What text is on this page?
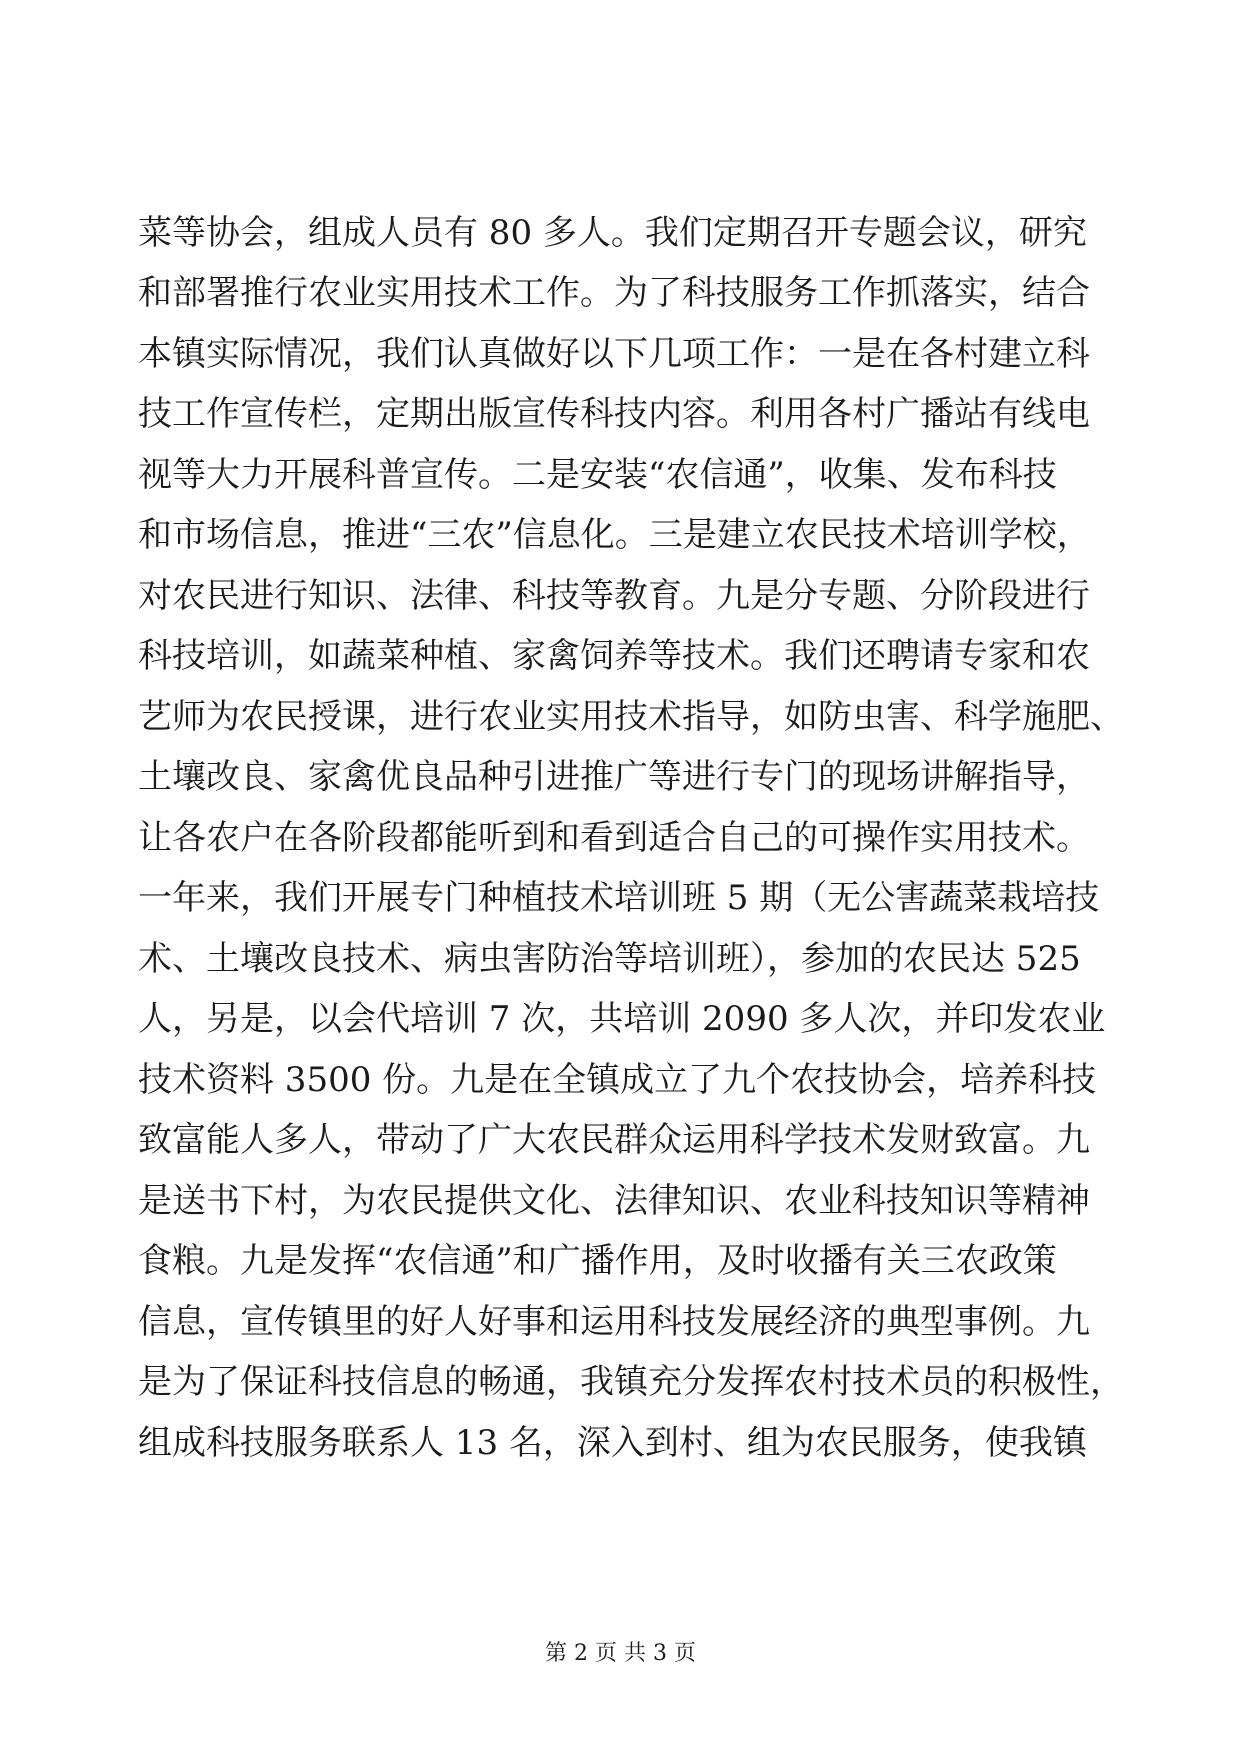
菜等协会，组成人员有 80 多人。我们定期召开专题会议，研究
和部署推行农业实用技术工作。为了科技服务工作抓落实，结合
本镇实际情况，我们认真做好以下几项工作：一是在各村建立科
技工作宣传栏，定期出版宣传科技内容。利用各村广播站有线电
视等大力开展科普宣传。二是安装“农信通”，收集、发布科技
和市场信息，推进“三农”信息化。三是建立农民技术培训学校，
对农民进行知识、法律、科技等教育。九是分专题、分阶段进行
科技培训，如蔬菜种植、家禽饲养等技术。我们还聘请专家和农
艺师为农民授课，进行农业实用技术指导，如防虫害、科学施肥、
土壤改良、家禽优良品种引进推广等进行专门的现场讲解指导，
让各农户在各阶段都能听到和看到适合自己的可操作实用技术。
一年来，我们开展专门种植技术培训班 5 期（无公害蔬菜栽培技
术、土壤改良技术、病虫害防治等培训班），参加的农民达 525
人，另是，以会代培训 7 次，共培训 2090 多人次，并印发农业
技术资料 3500 份。九是在全镇成立了九个农技协会，培养科技
致富能人多人，带动了广大农民群众运用科学技术发财致富。九
是送书下村，为农民提供文化、法律知识、农业科技知识等精神
食粮。九是发挥“农信通”和广播作用，及时收播有关三农政策
信息，宣传镇里的好人好事和运用科技发展经济的典型事例。九
是为了保证科技信息的畅通，我镇充分发挥农村技术员的积极性，
组成科技服务联系人 13 名，深入到村、组为农民服务，使我镇
第 2 页 共 3 页
